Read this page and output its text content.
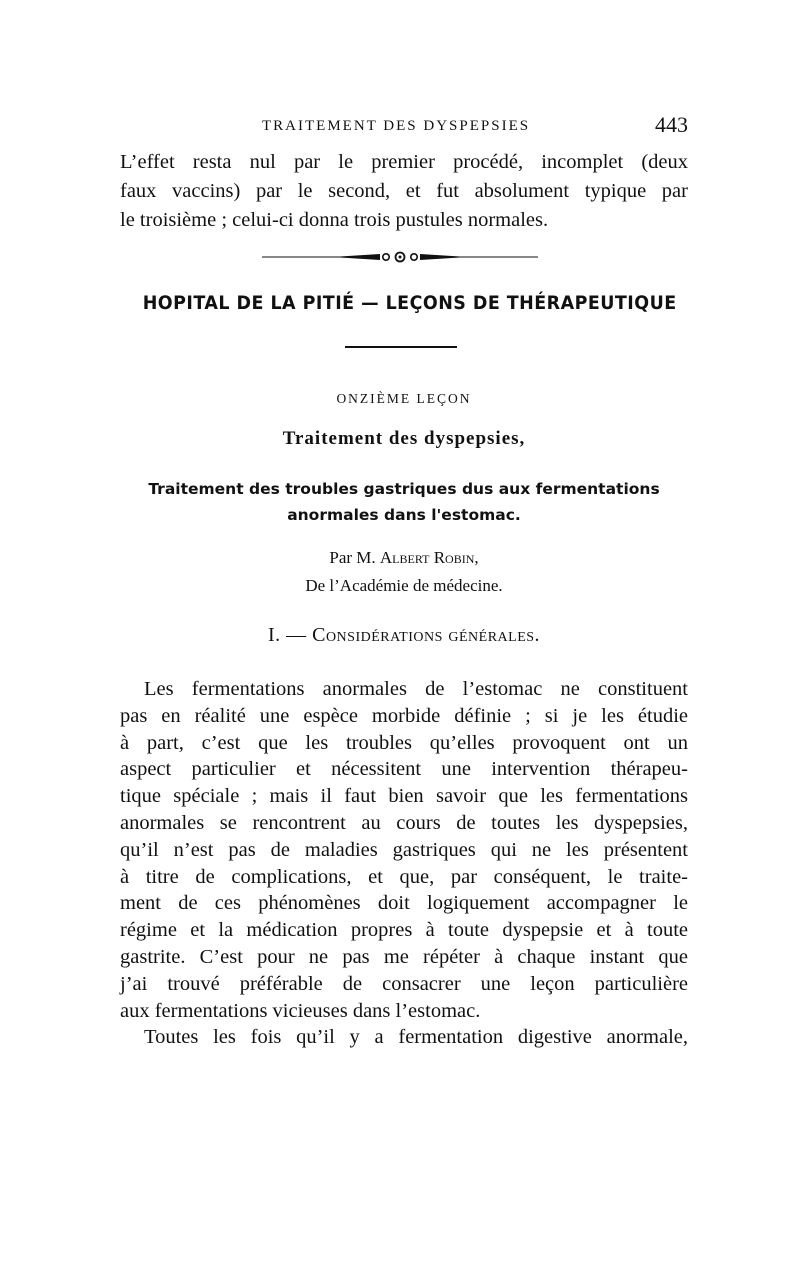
TRAITEMENT DES DYSPEPSIES	443
L’effet resta nul par le premier procédé, incomplet (deux
faux vaccins) par le second, et fut absolument typique par
le troisième ; celui-ci donna trois pustules normales.
HOPITAL DE LA PITIÉ — LEÇONS DE THÉRAPEUTIQUE
ONZIÈME LEÇON
Traitement des dyspepsies,
Traitement des troubles gastriques dus aux fermentations
anormales dans l'estomac.
Par M. Albert Robin,
De l’Académie de médecine.
I. — Considérations générales.
Les fermentations anormales de l’estomac ne constituent
pas en réalité une espèce morbide définie ; si je les étudie
à part, c’est que les troubles qu’elles provoquent ont un
aspect particulier et nécessitent une intervention thérapeu-
tique spéciale ; mais il faut bien savoir que les fermentations
anormales se rencontrent au cours de toutes les dyspepsies,
qu’il n’est pas de maladies gastriques qui ne les présentent
à titre de complications, et que, par conséquent, le traite-
ment de ces phénomènes doit logiquement accompagner le
régime et la médication propres à toute dyspepsie et à toute
gastrite. C’est pour ne pas me répéter à chaque instant que
j’ai trouvé préférable de consacrer une leçon particulière
aux fermentations vicieuses dans l’estomac.
Toutes les fois qu’il y a fermentation digestive anormale,
